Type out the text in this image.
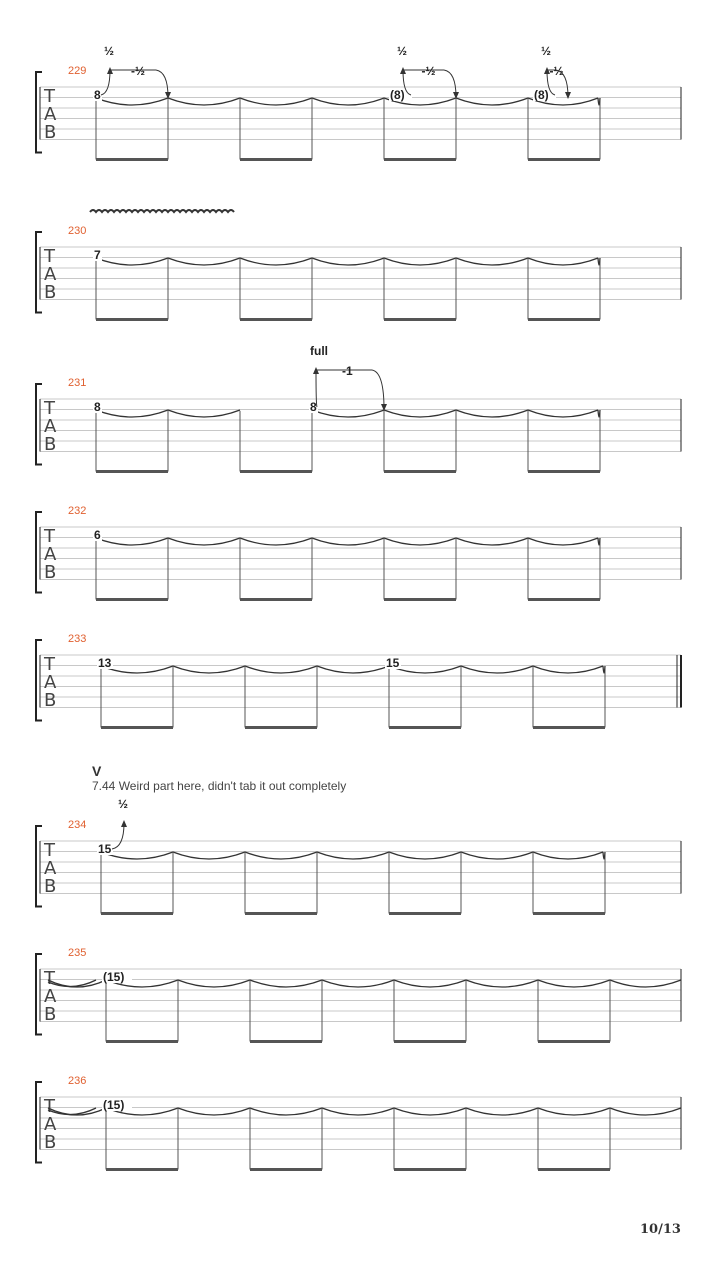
T
A
B
229
8
½
-½
(8)
½
-½
(8)
½
-½
T
A
B
230
7
T
A
B
231
8	8
full
-1
T
A
B
232
6
T
A
B
233
13	15
T
A
B
234
15
½
T
A
B
235
(15)
T
A
B
236
(15)
V
7.44 Weird part here, didn't tab it out completely
10/13
